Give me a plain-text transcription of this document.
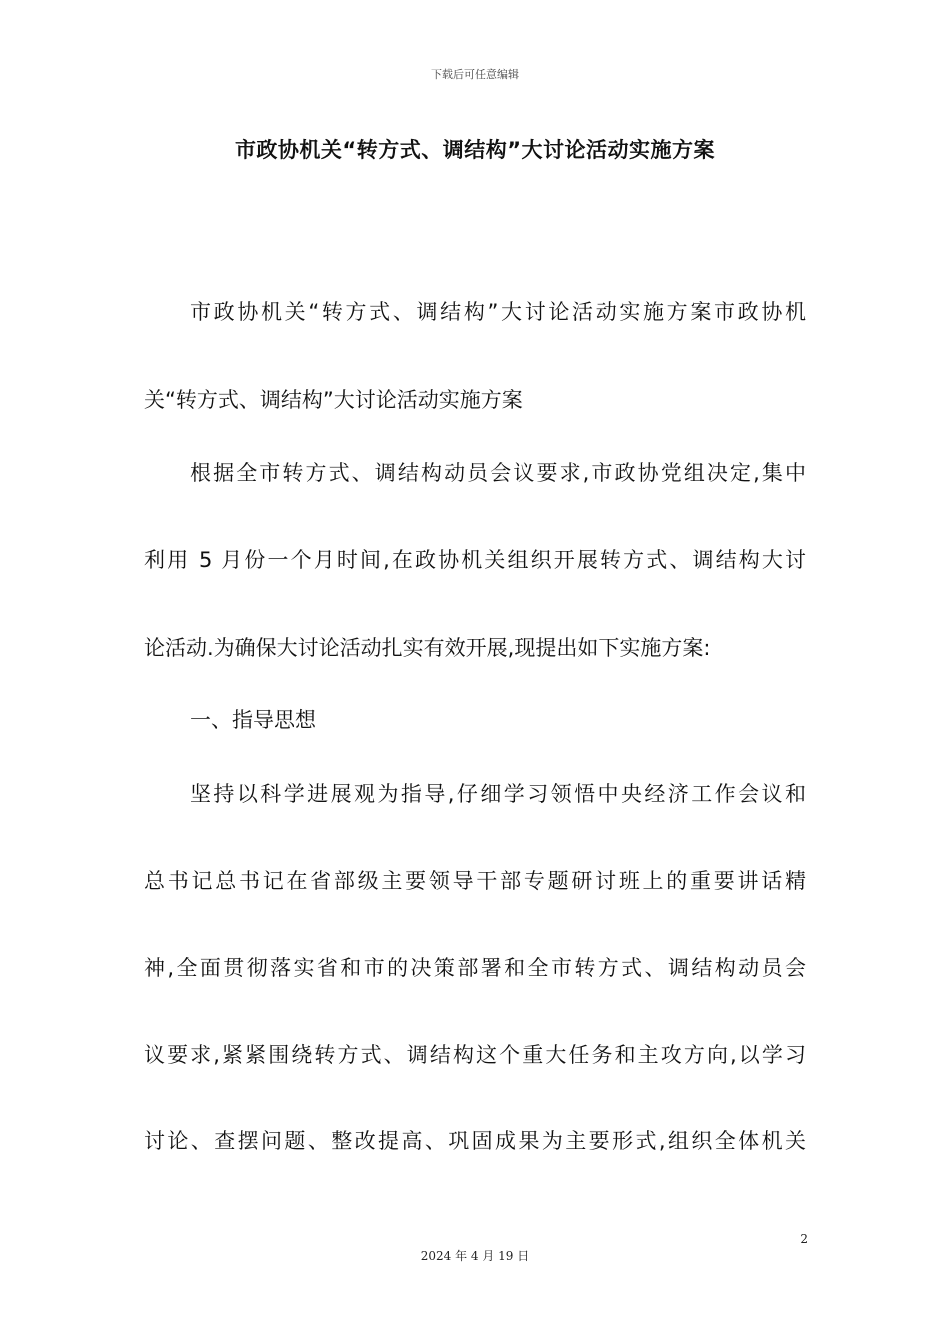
下载后可任意编辑
市政协机关“转方式、调结构”大讨论活动实施方案
市政协机关“转方式、调结构”大讨论活动实施方案市政协机
关“转方式、调结构”大讨论活动实施方案
根据全市转方式、调结构动员会议要求,市政协党组决定,集中
利用 5 月份一个月时间,在政协机关组织开展转方式、调结构大讨
论活动.为确保大讨论活动扎实有效开展,现提出如下实施方案:
一、指导思想
坚持以科学进展观为指导,仔细学习领悟中央经济工作会议和
总书记总书记在省部级主要领导干部专题研讨班上的重要讲话精
神,全面贯彻落实省和市的决策部署和全市转方式、调结构动员会
议要求,紧紧围绕转方式、调结构这个重大任务和主攻方向,以学习
讨论、查摆问题、整改提高、巩固成果为主要形式,组织全体机关
2
2024 年 4 月 19 日
